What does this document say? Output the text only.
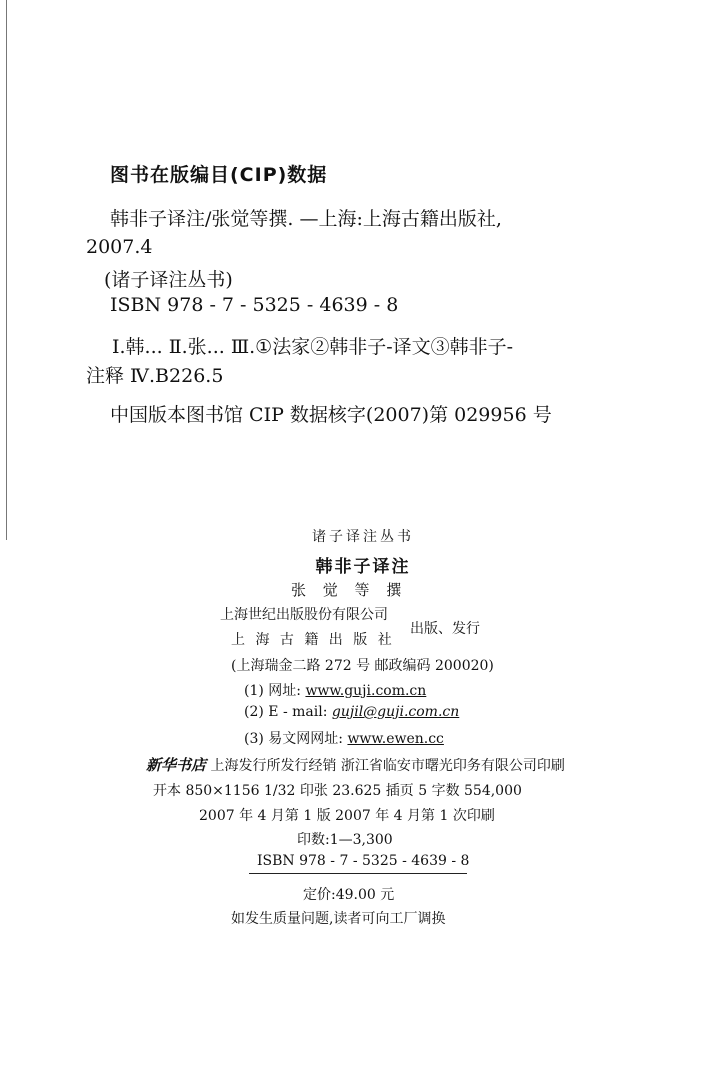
图书在版编目(CIP)数据
韩非子译注/张觉等撰. —上海:上海古籍出版社,
2007.4
(诸子译注丛书)
ISBN 978 - 7 - 5325 - 4639 - 8
Ⅰ.韩... Ⅱ.张... Ⅲ.①法家②韩非子-译文③韩非子-
注释 Ⅳ.B226.5
中国版本图书馆 CIP 数据核字(2007)第 029956 号
诸子译注丛书
韩非子译注
张 觉 等 撰
上海世纪出版股份有限公司
上 海 古 籍 出 版 社
出版、发行
(上海瑞金二路 272 号 邮政编码 200020)
(1) 网址: www.guji.com.cn
(2) E - mail: gujil@guji.com.cn
(3) 易文网网址: www.ewen.cc
新华书店 上海发行所发行经销 浙江省临安市曙光印务有限公司印刷
开本 850×1156 1/32 印张 23.625 插页 5 字数 554,000
2007 年 4 月第 1 版 2007 年 4 月第 1 次印刷
印数:1—3,300
ISBN 978 - 7 - 5325 - 4639 - 8
定价:49.00 元
如发生质量问题,读者可向工厂调换
